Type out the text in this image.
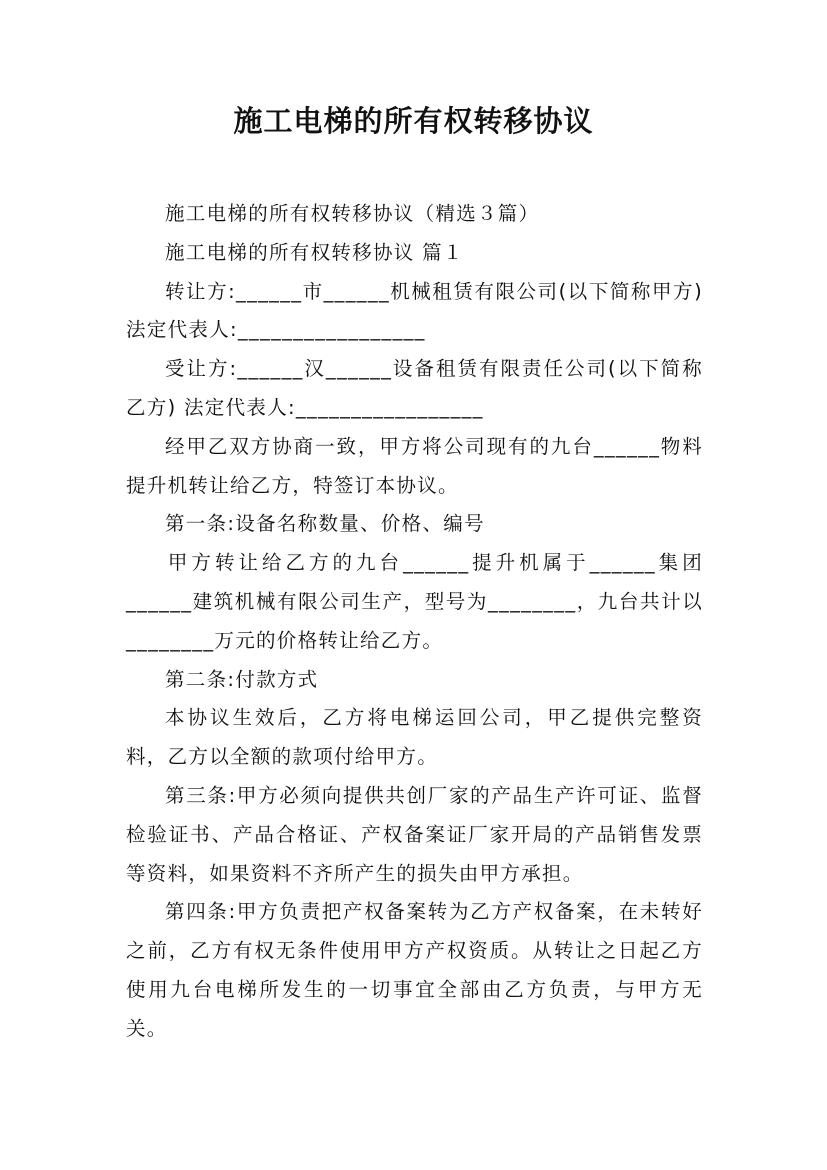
施工电梯的所有权转移协议

施工电梯的所有权转移协议（精选３篇）

施工电梯的所有权转移协议 篇１

转让方:______市______机械租赁有限公司(以下简称甲方) 法定代表人:_________________

受让方:______汉______设备租赁有限责任公司(以下简称乙方) 法定代表人:_________________

经甲乙双方协商一致，甲方将公司现有的九台______物料提升机转让给乙方，特签订本协议。

第一条:设备名称数量、价格、编号

甲方转让给乙方的九台______提升机属于______集团______建筑机械有限公司生产，型号为________，九台共计以________万元的价格转让给乙方。

第二条:付款方式

本协议生效后，乙方将电梯运回公司，甲乙提供完整资料，乙方以全额的款项付给甲方。

第三条:甲方必须向提供共创厂家的产品生产许可证、监督检验证书、产品合格证、产权备案证厂家开局的产品销售发票等资料，如果资料不齐所产生的损失由甲方承担。

第四条:甲方负责把产权备案转为乙方产权备案，在未转好之前，乙方有权无条件使用甲方产权资质。从转让之日起乙方使用九台电梯所发生的一切事宜全部由乙方负责，与甲方无关。
